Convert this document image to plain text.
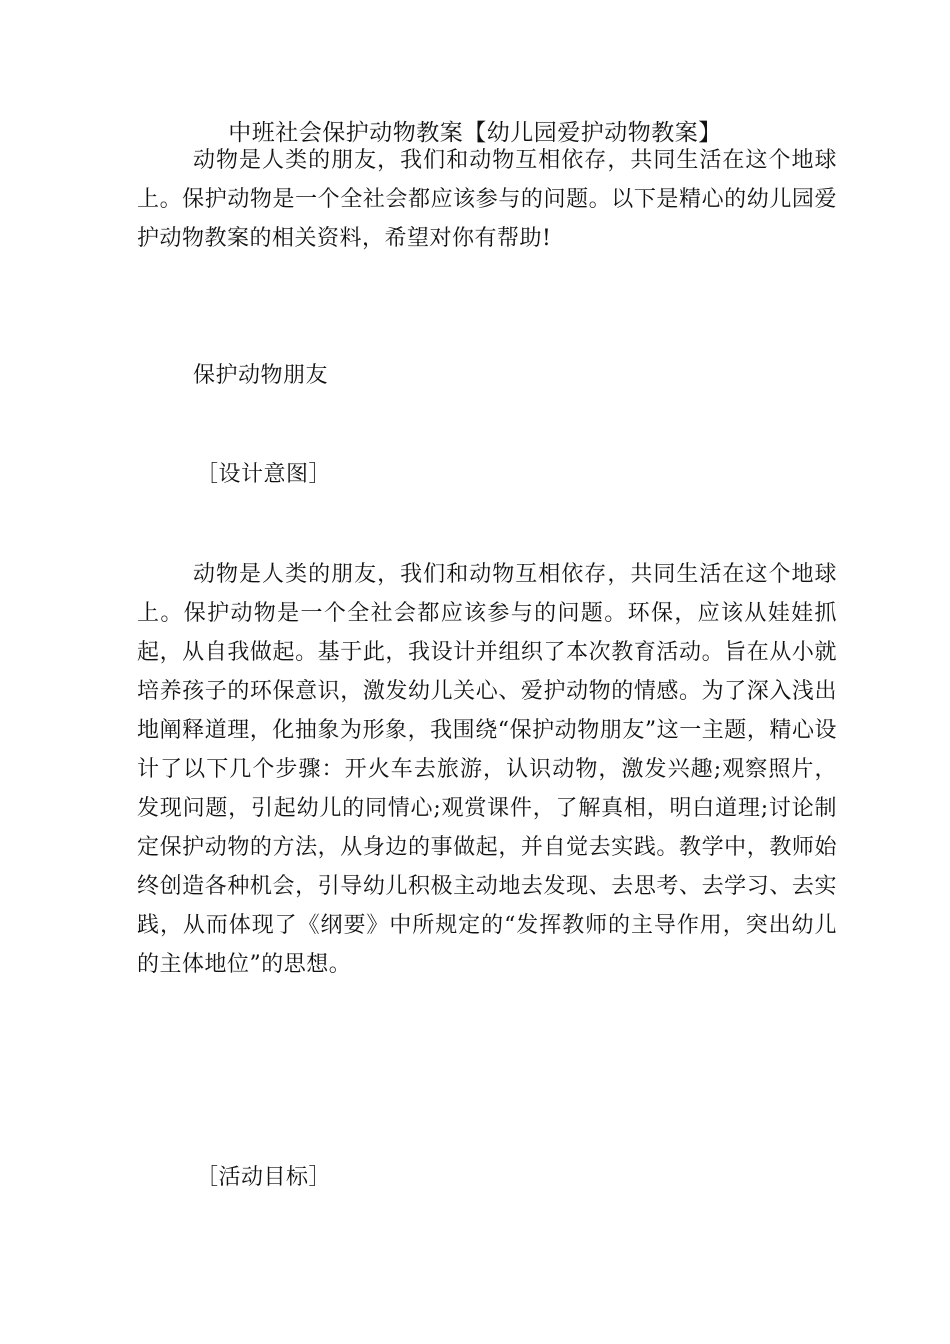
中班社会保护动物教案【幼儿园爱护动物教案】

动物是人类的朋友，我们和动物互相依存，共同生活在这个地球上。保护动物是一个全社会都应该参与的问题。以下是精心的幼儿园爱护动物教案的相关资料，希望对你有帮助!

保护动物朋友
［设计意图］

动物是人类的朋友，我们和动物互相依存，共同生活在这个地球上。保护动物是一个全社会都应该参与的问题。环保，应该从娃娃抓起，从自我做起。基于此，我设计并组织了本次教育活动。旨在从小就培养孩子的环保意识，激发幼儿关心、爱护动物的情感。为了深入浅出地阐释道理，化抽象为形象，我围绕“保护动物朋友”这一主题，精心设计了以下几个步骤：开火车去旅游，认识动物，激发兴趣;观察照片，发现问题，引起幼儿的同情心;观赏课件，了解真相，明白道理;讨论制定保护动物的方法，从身边的事做起，并自觉去实践。教学中，教师始终创造各种机会，引导幼儿积极主动地去发现、去思考、去学习、去实践，从而体现了《纲要》中所规定的“发挥教师的主导作用，突出幼儿的主体地位”的思想。

［活动目标］
